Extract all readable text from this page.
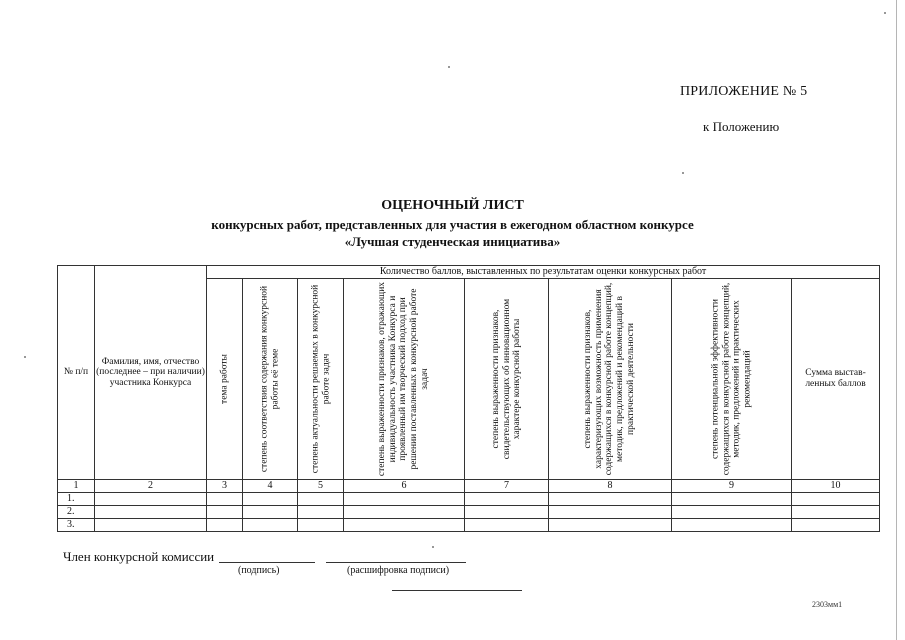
ПРИЛОЖЕНИЕ № 5
к Положению
ОЦЕНОЧНЫЙ ЛИСТ
конкурсных работ, представленных для участия в ежегодном областном конкурсе
«Лучшая студенческая инициатива»
№ п/п	Фамилия, имя, отчество (последнее – при наличии) участника Конкурса	Количество баллов, выставленных по результатам оценки конкурсных работ							

		тема работы	степень соответствия содержания конкурсной работы её теме	степень актуальности решаемых в конкурсной работе задач	степень выраженности признаков, отражающих индивидуальность участника Конкурса и проявленный им творческий подход при решении поставленных в конкурсной работе задач	степень выраженности признаков, свидетельствующих об инновационном характере конкурсной работы	степень выраженности признаков, характеризующих возможность применения содержащихся в конкурсной работе концепций, методик, предложений и рекомендаций в практической деятельности	степень потенциальной эффективности содержащихся в конкурсной работе концепций, методик, предложений и практических рекомендаций	Сумма выстав-ленных баллов
1	2	3	4	5	6	7	8	9	10
1.									
2.									
3.									
Член конкурсной комиссии
(подпись)	(расшифровка подписи)
2303мм1
